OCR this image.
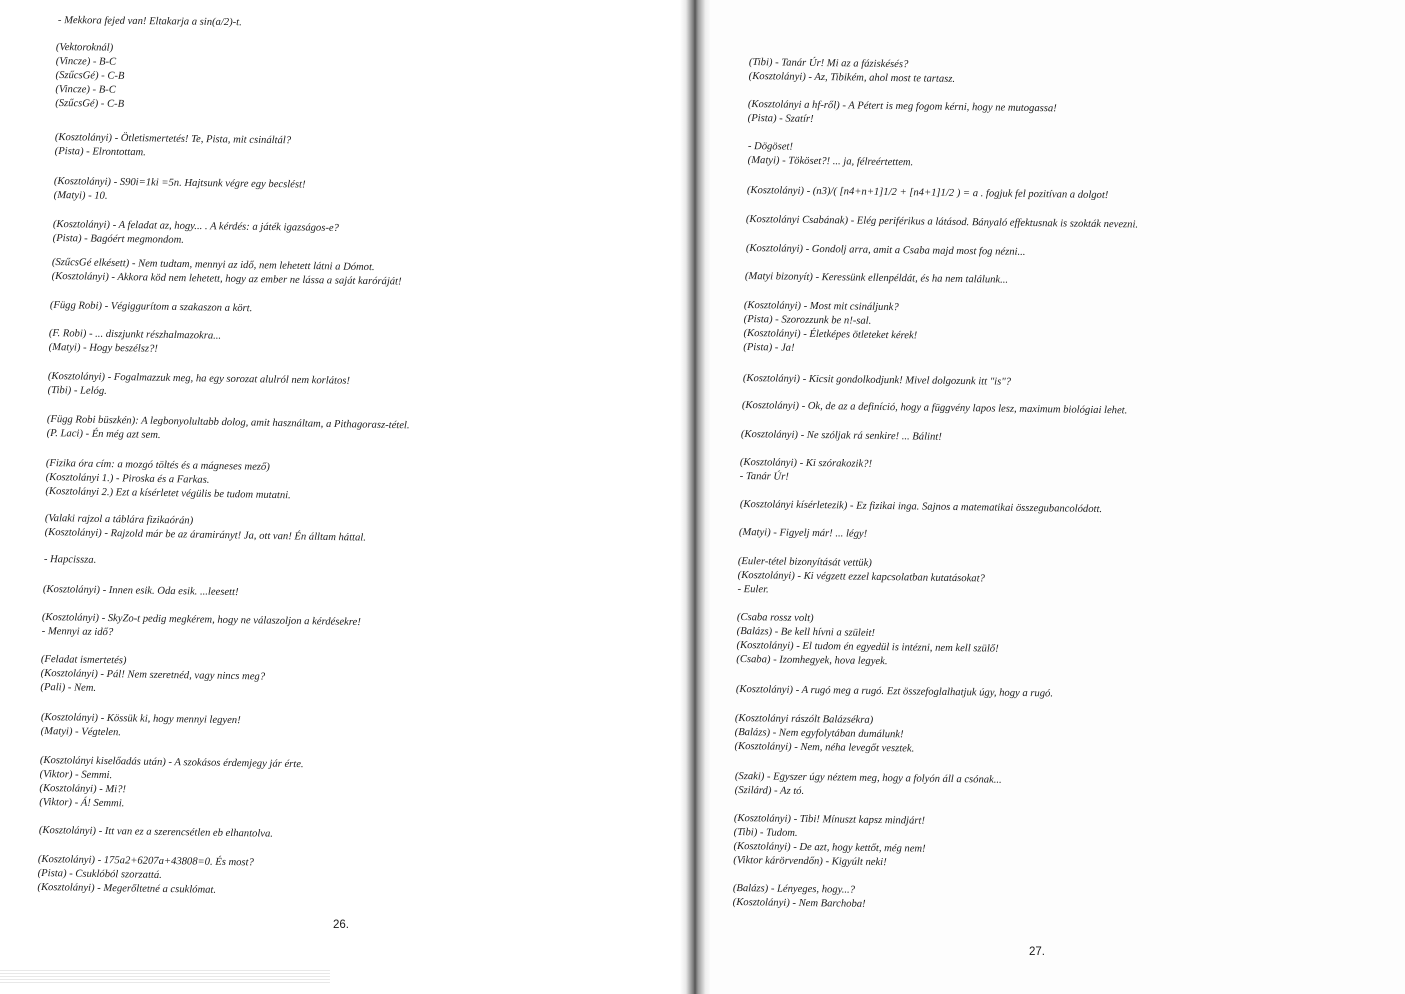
- Mekkora fejed van! Eltakarja a sin(a/2)-t.
(Vektoroknál)
(Vincze) - B-C
(SzűcsGé) - C-B
(Vincze) - B-C
(SzűcsGé) - C-B
(Kosztolányi) - Ötletismertetés! Te, Pista, mit csináltál?
(Pista) - Elrontottam.
(Kosztolányi) - S90i=1ki =5n. Hajtsunk végre egy becslést!
(Matyi) - 10.
(Kosztolányi) - A feladat az, hogy... . A kérdés: a játék igazságos-e?
(Pista) - Bagóért megmondom.
(SzűcsGé elkésett) - Nem tudtam, mennyi az idő, nem lehetett látni a Dómot.
(Kosztolányi) - Akkora köd nem lehetett, hogy az ember ne lássa a saját karóráját!
(Függ Robi) - Végiggurítom a szakaszon a kört.
(F. Robi) - ... diszjunkt részhalmazokra...
(Matyi) - Hogy beszélsz?!
(Kosztolányi) - Fogalmazzuk meg, ha egy sorozat alulról nem korlátos!
(Tibi) - Lelóg.
(Függ Robi büszkén): A legbonyolultabb dolog, amit használtam, a Pithagorasz-tétel.
(P. Laci) - Én még azt sem.
(Fizika óra cím: a mozgó töltés és a mágneses mező)
(Kosztolányi 1.) - Piroska és a Farkas.
(Kosztolányi 2.) Ezt a kísérletet végülis be tudom mutatni.
(Valaki rajzol a táblára fizikaórán)
(Kosztolányi) - Rajzold már be az áramirányt! Ja, ott van! Én álltam háttal.
- Hapcissza.
(Kosztolányi) - Innen esik. Oda esik. ...leesett!
(Kosztolányi) - SkyZo-t pedig megkérem, hogy ne válaszoljon a kérdésekre!
- Mennyi az idő?
(Feladat ismertetés)
(Kosztolányi) - Pál! Nem szeretnéd, vagy nincs meg?
(Pali) - Nem.
(Kosztolányi) - Kössük ki, hogy mennyi legyen!
(Matyi) - Végtelen.
(Kosztolányi kiselőadás után) - A szokásos érdemjegy jár érte.
(Viktor) - Semmi.
(Kosztolányi) - Mi?!
(Viktor) - Á! Semmi.
(Kosztolányi) - Itt van ez a szerencsétlen eb elhantolva.
(Kosztolányi) - 175a2+6207a+43808=0. És most?
(Pista) - Csuklóból szorzattá.
(Kosztolányi) - Megerőltetné a csuklómat.
26.
(Tibi) - Tanár Úr! Mi az a fáziskésés?
(Kosztolányi) - Az, Tibikém, ahol most te tartasz.
(Kosztolányi a hf-ről) - A Pétert is meg fogom kérni, hogy ne mutogassa!
(Pista) - Szatír!
- Dögöset!
(Matyi) - Tököset?! ... ja, félreértettem.
(Kosztolányi) - (n3)/( [n4+n+1]1/2 + [n4+1]1/2 ) = a . fogjuk fel pozitívan a dolgot!
(Kosztolányi Csabának) - Elég periférikus a látásod. Bányaló effektusnak is szokták nevezni.
(Kosztolányi) - Gondolj arra, amit a Csaba majd most fog nézni...
(Matyi bizonyít) - Keressünk ellenpéldát, és ha nem találunk...
(Kosztolányi) - Most mit csináljunk?
(Pista) - Szorozzunk be n!-sal.
(Kosztolányi) - Életképes ötleteket kérek!
(Pista) - Ja!
(Kosztolányi) - Kicsit gondolkodjunk! Mivel dolgozunk itt "is"?
(Kosztolányi) - Ok, de az a definíció, hogy a függvény lapos lesz, maximum biológiai lehet.
(Kosztolányi) - Ne szóljak rá senkire! ... Bálint!
(Kosztolányi) - Ki szórakozik?!
- Tanár Úr!
(Kosztolányi kísérletezik) - Ez fizikai inga. Sajnos a matematikai összegubancolódott.
(Matyi) - Figyelj már! ... légy!
(Euler-tétel bizonyítását vettük)
(Kosztolányi) - Ki végzett ezzel kapcsolatban kutatásokat?
- Euler.
(Csaba rossz volt)
(Balázs) - Be kell hívni a szüleit!
(Kosztolányi) - El tudom én egyedül is intézni, nem kell szülő!
(Csaba) - Izomhegyek, hova legyek.
(Kosztolányi) - A rugó meg a rugó. Ezt összefoglalhatjuk úgy, hogy a rugó.
(Kosztolányi rászólt Balázsékra)
(Balázs) - Nem egyfolytában dumálunk!
(Kosztolányi) - Nem, néha levegőt vesztek.
(Szaki) - Egyszer úgy néztem meg, hogy a folyón áll a csónak...
(Szilárd) - Az tó.
(Kosztolányi) - Tibi! Mínuszt kapsz mindjárt!
(Tibi) - Tudom.
(Kosztolányi) - De azt, hogy kettőt, még nem!
(Viktor kárörvendőn) - Kigyúlt neki!
(Balázs) - Lényeges, hogy...?
(Kosztolányi) - Nem Barchoba!
27.
